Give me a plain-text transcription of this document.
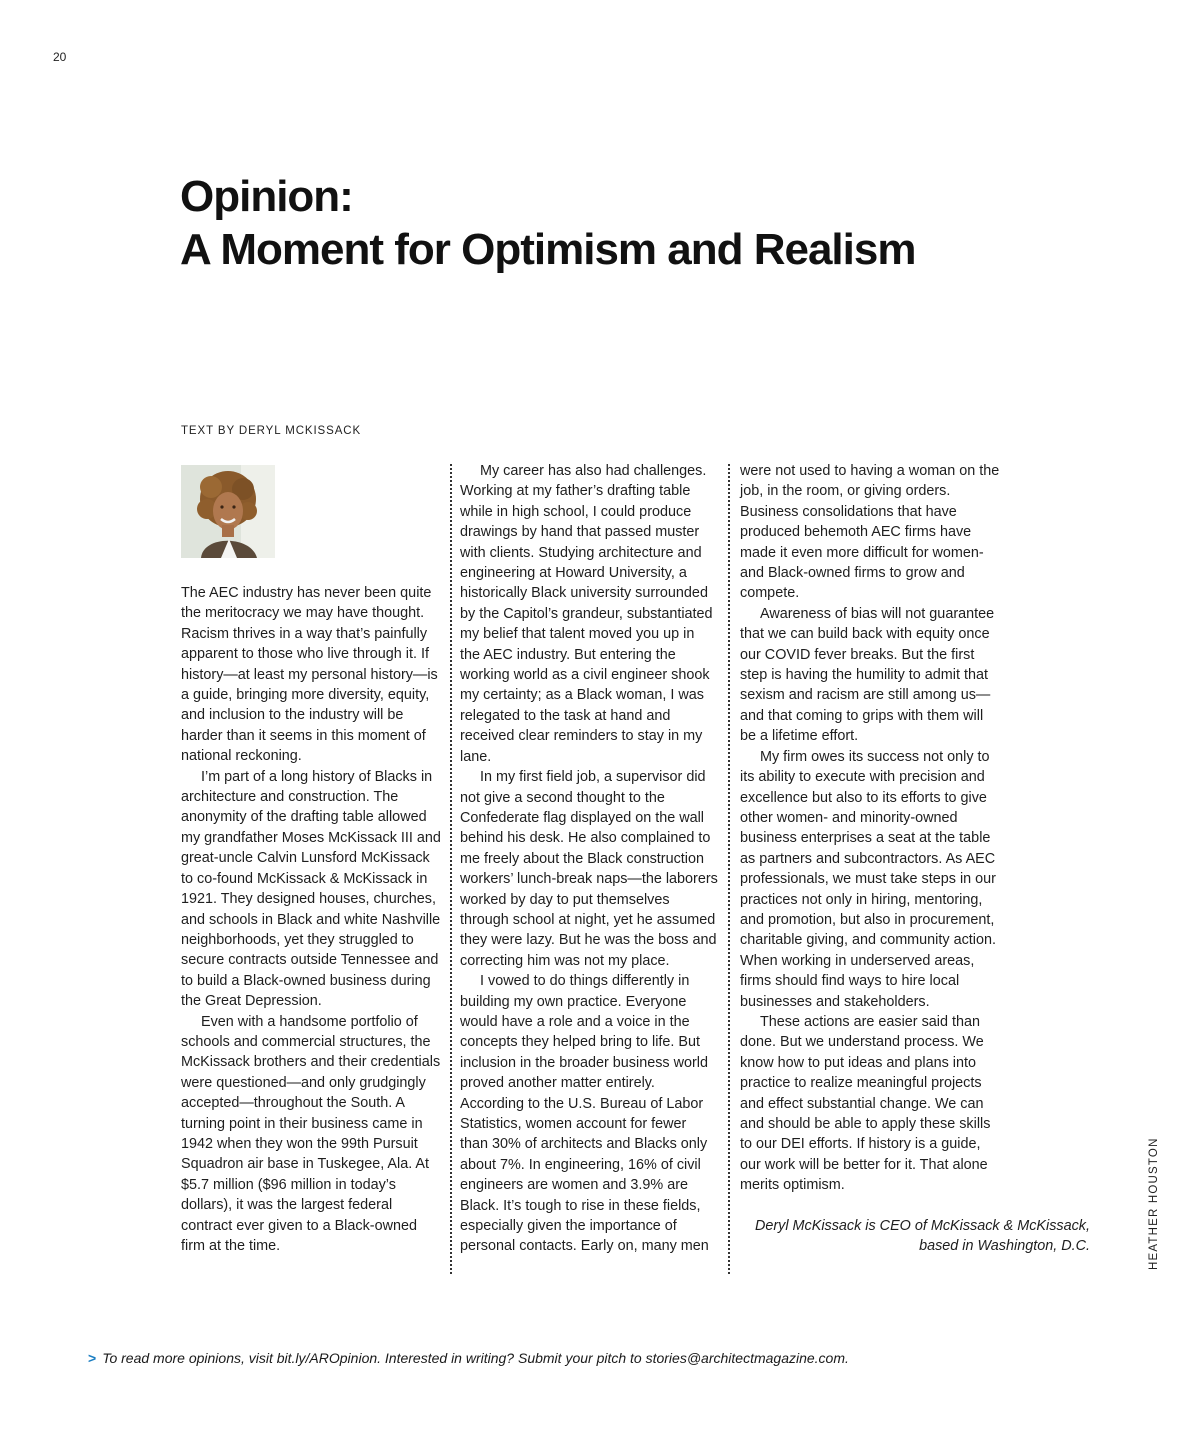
20
Opinion:
A Moment for Optimism and Realism
TEXT BY DERYL MCKISSACK

The AEC industry has never been quite the meritocracy we may have thought. Racism thrives in a way that’s painfully apparent to those who live through it. If history—at least my personal history—is a guide, bringing more diversity, equity, and inclusion to the industry will be harder than it seems in this moment of national reckoning.

I’m part of a long history of Blacks in architecture and construction. The anonymity of the drafting table allowed my grandfather Moses McKissack III and great-uncle Calvin Lunsford McKissack to co-found McKissack & McKissack in 1921. They designed houses, churches, and schools in Black and white Nashville neighborhoods, yet they struggled to secure contracts outside Tennessee and to build a Black-owned business during the Great Depression.

Even with a handsome portfolio of schools and commercial structures, the McKissack brothers and their credentials were questioned—and only grudgingly accepted—throughout the South. A turning point in their business came in 1942 when they won the 99th Pursuit Squadron air base in Tuskegee, Ala. At $5.7 million ($96 million in today’s dollars), it was the largest federal contract ever given to a Black-owned firm at the time.

My career has also had challenges. Working at my father’s drafting table while in high school, I could produce drawings by hand that passed muster with clients. Studying architecture and engineering at Howard University, a historically Black university surrounded by the Capitol’s grandeur, substantiated my belief that talent moved you up in the AEC industry. But entering the working world as a civil engineer shook my certainty; as a Black woman, I was relegated to the task at hand and received clear reminders to stay in my lane.

In my first field job, a supervisor did not give a second thought to the Confederate flag displayed on the wall behind his desk. He also complained to me freely about the Black construction workers’ lunch-break naps—the laborers worked by day to put themselves through school at night, yet he assumed they were lazy. But he was the boss and correcting him was not my place.

I vowed to do things differently in building my own practice. Everyone would have a role and a voice in the concepts they helped bring to life. But inclusion in the broader business world proved another matter entirely. According to the U.S. Bureau of Labor Statistics, women account for fewer than 30% of architects and Blacks only about 7%. In engineering, 16% of civil engineers are women and 3.9% are Black. It’s tough to rise in these fields, especially given the importance of personal contacts. Early on, many men

were not used to having a woman on the job, in the room, or giving orders. Business consolidations that have produced behemoth AEC firms have made it even more difficult for women- and Black-owned firms to grow and compete.

Awareness of bias will not guarantee that we can build back with equity once our COVID fever breaks. But the first step is having the humility to admit that sexism and racism are still among us—and that coming to grips with them will be a lifetime effort.

My firm owes its success not only to its ability to execute with precision and excellence but also to its efforts to give other women- and minority-owned business enterprises a seat at the table as partners and subcontractors. As AEC professionals, we must take steps in our practices not only in hiring, mentoring, and promotion, but also in procurement, charitable giving, and community action. When working in underserved areas, firms should find ways to hire local businesses and stakeholders.

These actions are easier said than done. But we understand process. We know how to put ideas and plans into practice to realize meaningful projects and effect substantial change. We can and should be able to apply these skills to our DEI efforts. If history is a guide, our work will be better for it. That alone merits optimism.

Deryl McKissack is CEO of McKissack & McKissack,
based in Washington, D.C.	HEATHER HOUSTON
> To read more opinions, visit bit.ly/AROpinion. Interested in writing? Submit your pitch to stories@architectmagazine.com.
